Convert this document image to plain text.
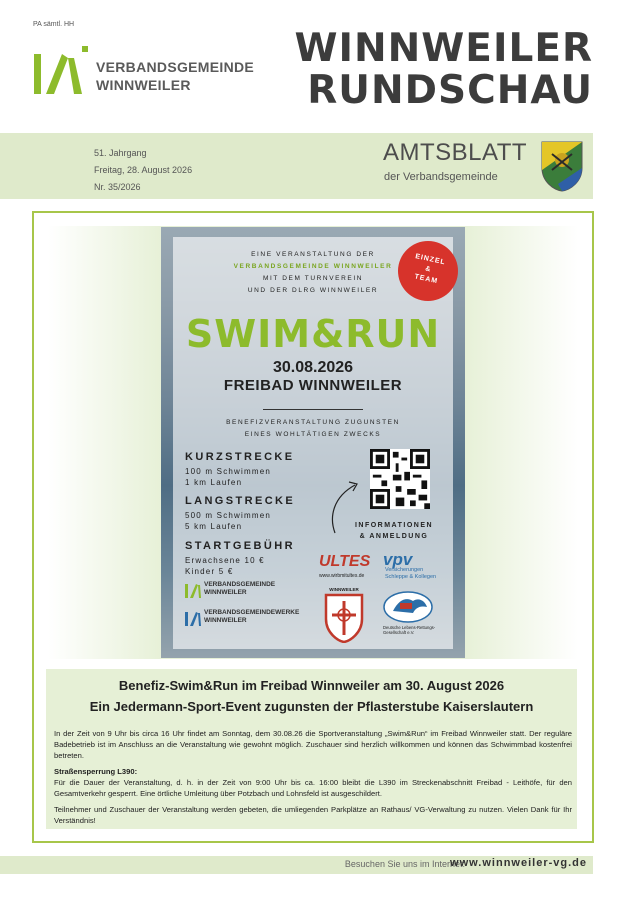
PA sämtl. HH
VERBANDSGEMEINDE
WINNWEILER
WINNWEILER
RUNDSCHAU
51. Jahrgang
Freitag, 28. August 2026
Nr. 35/2026
AMTSBLATT
der Verbandsgemeinde
EINE VERANSTALTUNG DER
VERBANDSGEMEINDE WINNWEILER
MIT DEM TURNVEREIN
UND DER DLRG WINNWEILER
EINZEL
&
TEAM
SWIM&RUN
30.08.2026
FREIBAD WINNWEILER
BENEFIZVERANSTALTUNG ZUGUNSTEN
EINES WOHLTÄTIGEN ZWECKS
KURZSTRECKE
100 m Schwimmen
1 km Laufen
LANGSTRECKE
500 m Schwimmen
5 km Laufen
STARTGEBÜHR
Erwachsene 10 €
Kinder 5 €
INFORMATIONEN
& ANMELDUNG
ULTES
www.wirbmitultes.de
vpv
Versicherungen
Schleppe & Kollegen
VERBANDSGEMEINDE
WINNWEILER
VERBANDSGEMEINDEWERKE
WINNWEILER
WINNWEILER
Deutsche Lebens-Rettungs-
Gesellschaft e.V.
Benefiz-Swim&Run im Freibad Winnweiler am 30. August 2026
Ein Jedermann-Sport-Event zugunsten der Pflasterstube Kaiserslautern

In der Zeit von 9 Uhr bis circa 16 Uhr findet am Sonntag, dem 30.08.26 die Sportveranstaltung „Swim&Run“ im Freibad Winnweiler statt. Der reguläre Badebetrieb ist im Anschluss an die Veranstaltung wie gewohnt möglich. Zuschauer sind herzlich willkommen und können das Schwimmbad kostenfrei betreten.

Straßensperrung L390:

Für die Dauer der Veranstaltung, d. h. in der Zeit von 9:00 Uhr bis ca. 16:00 bleibt die L390 im Streckenabschnitt Freibad - Leithöfe, für den Gesamtverkehr gesperrt. Eine örtliche Umleitung über Potzbach und Lohnsfeld ist ausgeschildert.

Teilnehmer und Zuschauer der Veranstaltung werden gebeten, die umliegenden Parkplätze an Rathaus/ VG-Verwaltung zu nutzen. Vielen Dank für Ihr Verständnis!

Besuchen Sie uns im Internet:
www.winnweiler-vg.de
